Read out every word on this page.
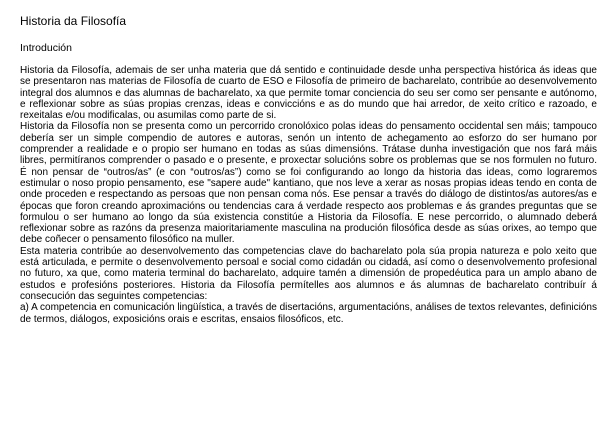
Historia da Filosofía
Introdución

Historia da Filosofía, ademais de ser unha materia que dá sentido e continuidade desde unha perspectiva histórica ás ideas que se presentaron nas materias de Filosofía de cuarto de ESO e Filosofía de primeiro de bacharelato, contribúe ao desenvolvemento integral dos alumnos e das alumnas de bacharelato, xa que permite tomar conciencia do seu ser como ser pensante e autónomo, e reflexionar sobre as súas propias crenzas, ideas e conviccións e as do mundo que hai arredor, de xeito crítico e razoado, e rexeitalas e/ou modificalas, ou asumilas como parte de si.

Historia da Filosofía non se presenta como un percorrido cronolóxico polas ideas do pensamento occidental sen máis; tampouco debería ser un simple compendio de autores e autoras, senón un intento de achegamento ao esforzo do ser humano por comprender a realidade e o propio ser humano en todas as súas dimensións. Trátase dunha investigación que nos fará máis libres, permitíranos comprender o pasado e o presente, e proxectar solucións sobre os problemas que se nos formulen no futuro. É non pensar de “outros/as” (e con “outros/as”) como se foi configurando ao longo da historia das ideas, como lograremos estimular o noso propio pensamento, ese "sapere aude" kantiano, que nos leve a xerar as nosas propias ideas tendo en conta de onde proceden e respectando as persoas que non pensan coma nós. Ese pensar a través do diálogo de distintos/as autores/as e épocas que foron creando aproximacións ou tendencias cara á verdade respecto aos problemas e ás grandes preguntas que se formulou o ser humano ao longo da súa existencia constitúe a Historia da Filosofía. E nese percorrido, o alumnado deberá reflexionar sobre as razóns da presenza maioritariamente masculina na produción filosófica desde as súas orixes, ao tempo que debe coñecer o pensamento filosófico na muller.

Esta materia contribúe ao desenvolvemento das competencias clave do bacharelato pola súa propia natureza e polo xeito que está articulada, e permite o desenvolvemento persoal e social como cidadán ou cidadá, así como o desenvolvemento profesional no futuro, xa que, como materia terminal do bacharelato, adquire tamén a dimensión de propedéutica para un amplo abano de estudos e profesións posteriores. Historia da Filosofía permítelles aos alumnos e ás alumnas de bacharelato contribuír á consecución das seguintes competencias:

a) A competencia en comunicación lingüística, a través de disertacións, argumentacións, análises de textos relevantes, definicións de termos, diálogos, exposicións orais e escritas, ensaios filosóficos, etc.
